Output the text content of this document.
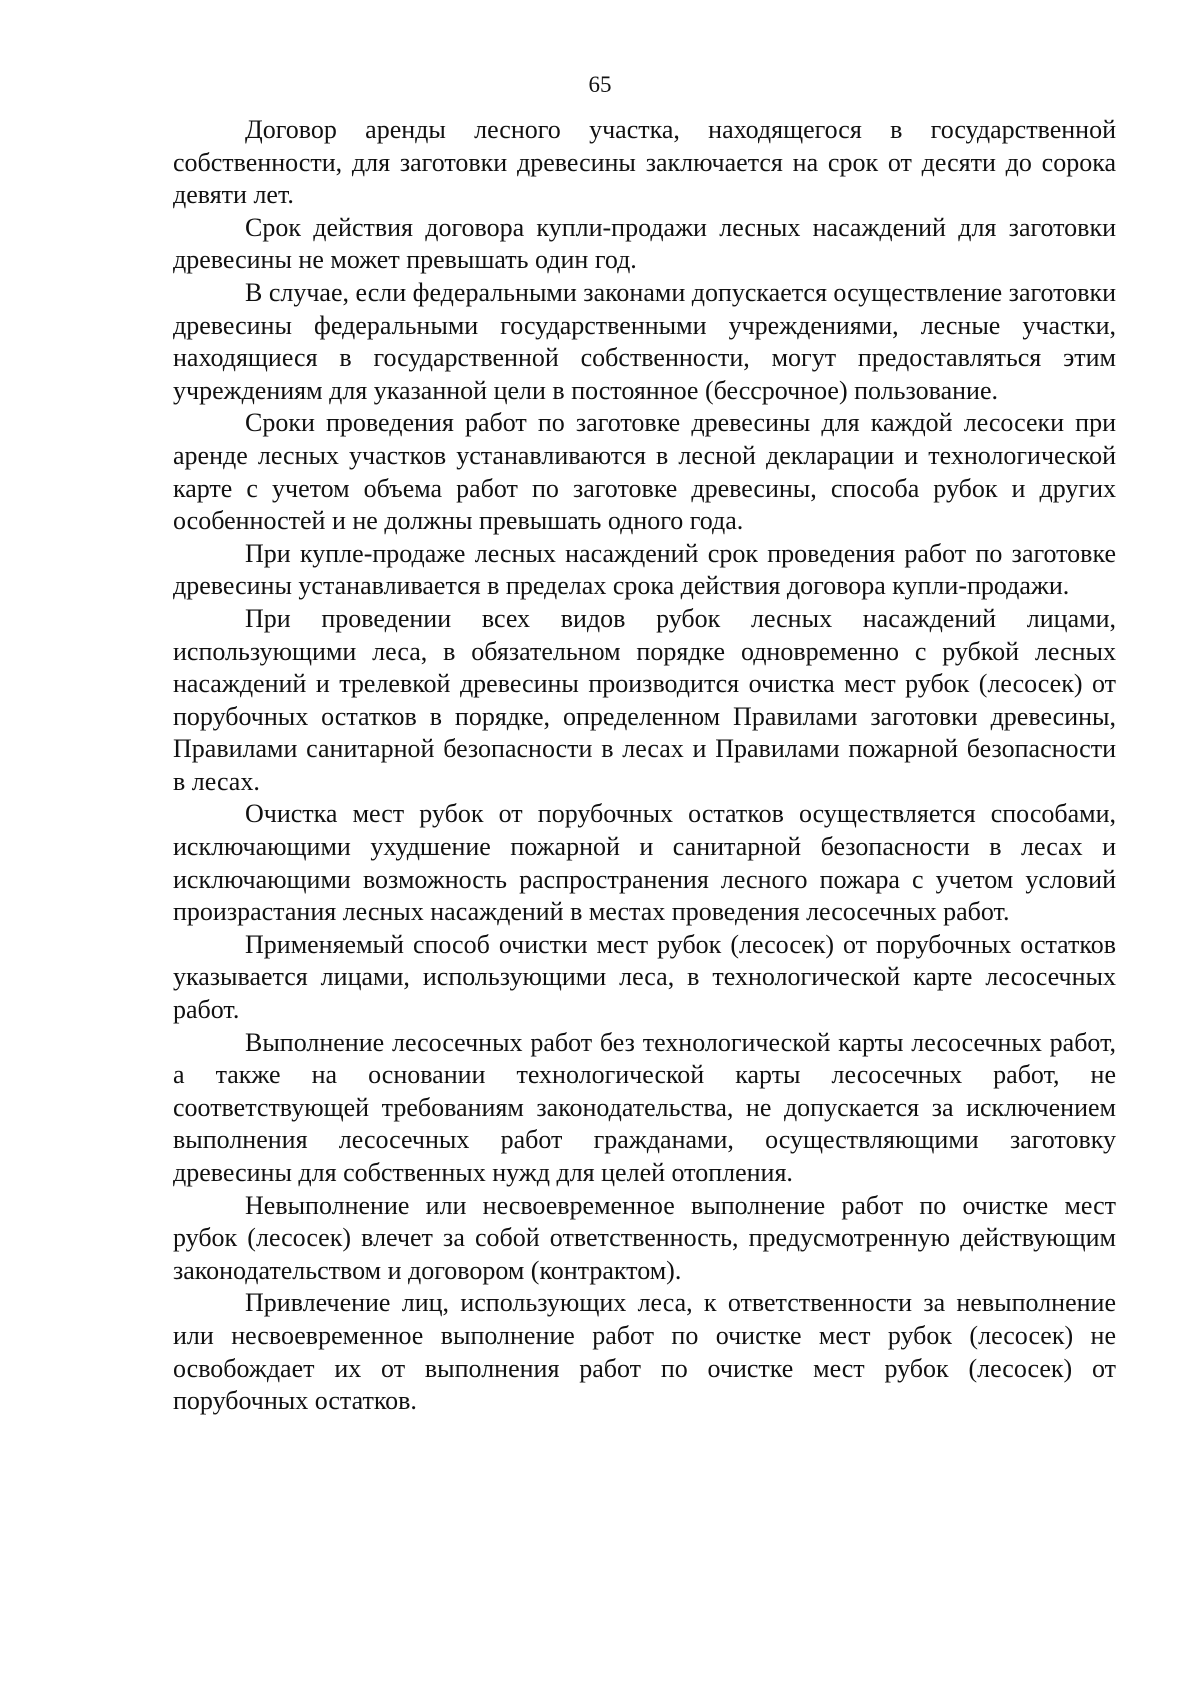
65

Договор аренды лесного участка, находящегося в государственной собственности, для заготовки древесины заключается на срок от десяти до сорока девяти лет.

Срок действия договора купли-продажи лесных насаждений для заготовки древесины не может превышать один год.

В случае, если федеральными законами допускается осуществление заготовки древесины федеральными государственными учреждениями, лесные участки, находящиеся в государственной собственности, могут предоставляться этим учреждениям для указанной цели в постоянное (бессрочное) пользование.

Сроки проведения работ по заготовке древесины для каждой лесосеки при аренде лесных участков устанавливаются в лесной декларации и технологической карте с учетом объема работ по заготовке древесины, способа рубок и других особенностей и не должны превышать одного года.

При купле-продаже лесных насаждений срок проведения работ по заготовке древесины устанавливается в пределах срока действия договора купли-продажи.

При проведении всех видов рубок лесных насаждений лицами, использующими леса, в обязательном порядке одновременно с рубкой лесных насаждений и трелевкой древесины производится очистка мест рубок (лесосек) от порубочных остатков в порядке, определенном Правилами заготовки древесины, Правилами санитарной безопасности в лесах и Правилами пожарной безопасности в лесах.

Очистка мест рубок от порубочных остатков осуществляется способами, исключающими ухудшение пожарной и санитарной безопасности в лесах и исключающими возможность распространения лесного пожара с учетом условий произрастания лесных насаждений в местах проведения лесосечных работ.

Применяемый способ очистки мест рубок (лесосек) от порубочных остатков указывается лицами, использующими леса, в технологической карте лесосечных работ.

Выполнение лесосечных работ без технологической карты лесосечных работ, а также на основании технологической карты лесосечных работ, не соответствующей требованиям законодательства, не допускается за исключением выполнения лесосечных работ гражданами, осуществляющими заготовку древесины для собственных нужд для целей отопления.

Невыполнение или несвоевременное выполнение работ по очистке мест рубок (лесосек) влечет за собой ответственность, предусмотренную действующим законодательством и договором (контрактом).

Привлечение лиц, использующих леса, к ответственности за невыполнение или несвоевременное выполнение работ по очистке мест рубок (лесосек) не освобождает их от выполнения работ по очистке мест рубок (лесосек) от порубочных остатков.
